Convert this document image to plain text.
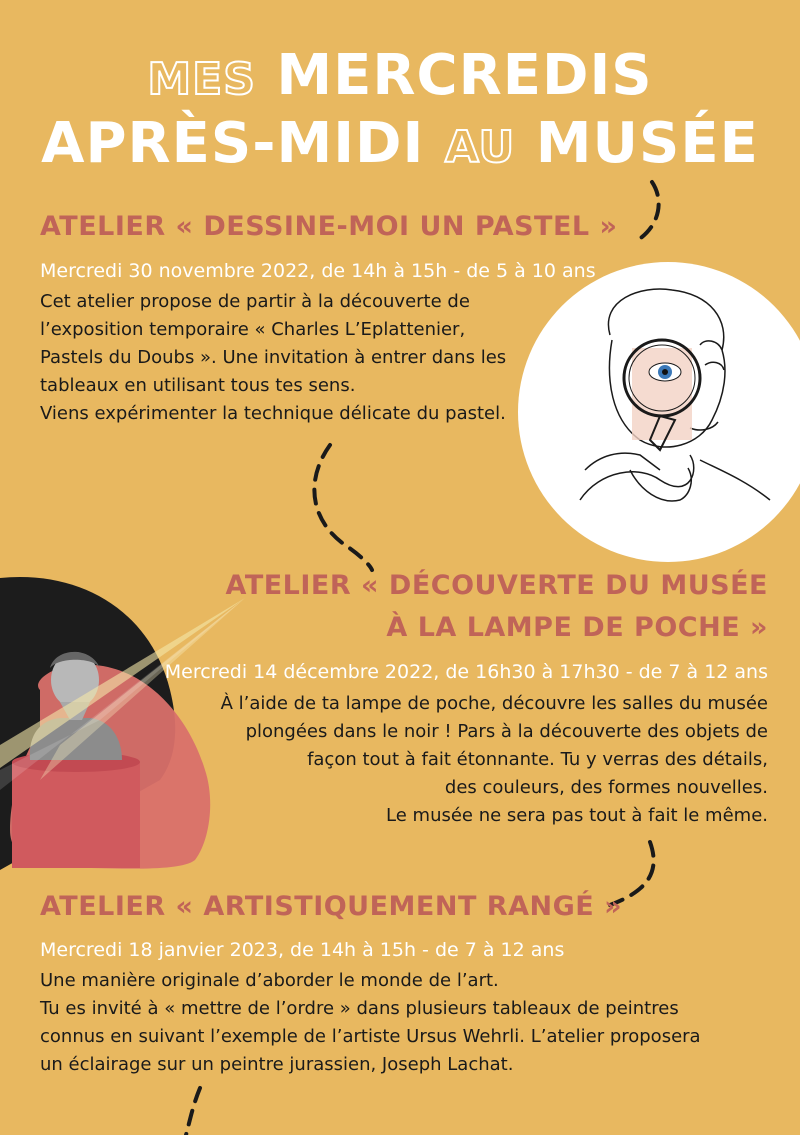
MES MERCREDIS
APRÈS-MIDI AU MUSÉE
ATELIER « DESSINE-MOI UN PASTEL »
Mercredi 30 novembre 2022, de 14h à 15h - de 5 à 10 ans
Cet atelier propose de partir à la découverte de
l’exposition temporaire « Charles L’Eplattenier,
Pastels du Doubs ». Une invitation à entrer dans les
tableaux en utilisant tous tes sens.
Viens expérimenter la technique délicate du pastel.
ATELIER « DÉCOUVERTE DU MUSÉE
À LA LAMPE DE POCHE »
Mercredi 14 décembre 2022, de 16h30 à 17h30 - de 7 à 12 ans
À l’aide de ta lampe de poche, découvre les salles du musée
plongées dans le noir ! Pars à la découverte des objets de
façon tout à fait étonnante. Tu y verras des détails,
des couleurs, des formes nouvelles.
Le musée ne sera pas tout à fait le même.
ATELIER « ARTISTIQUEMENT RANGÉ »
Mercredi 18 janvier 2023, de 14h à 15h - de 7 à 12 ans
Une manière originale d’aborder le monde de l’art.
Tu es invité à « mettre de l’ordre » dans plusieurs tableaux de peintres
connus en suivant l’exemple de l’artiste Ursus Wehrli. L’atelier proposera
un éclairage sur un peintre jurassien, Joseph Lachat.
